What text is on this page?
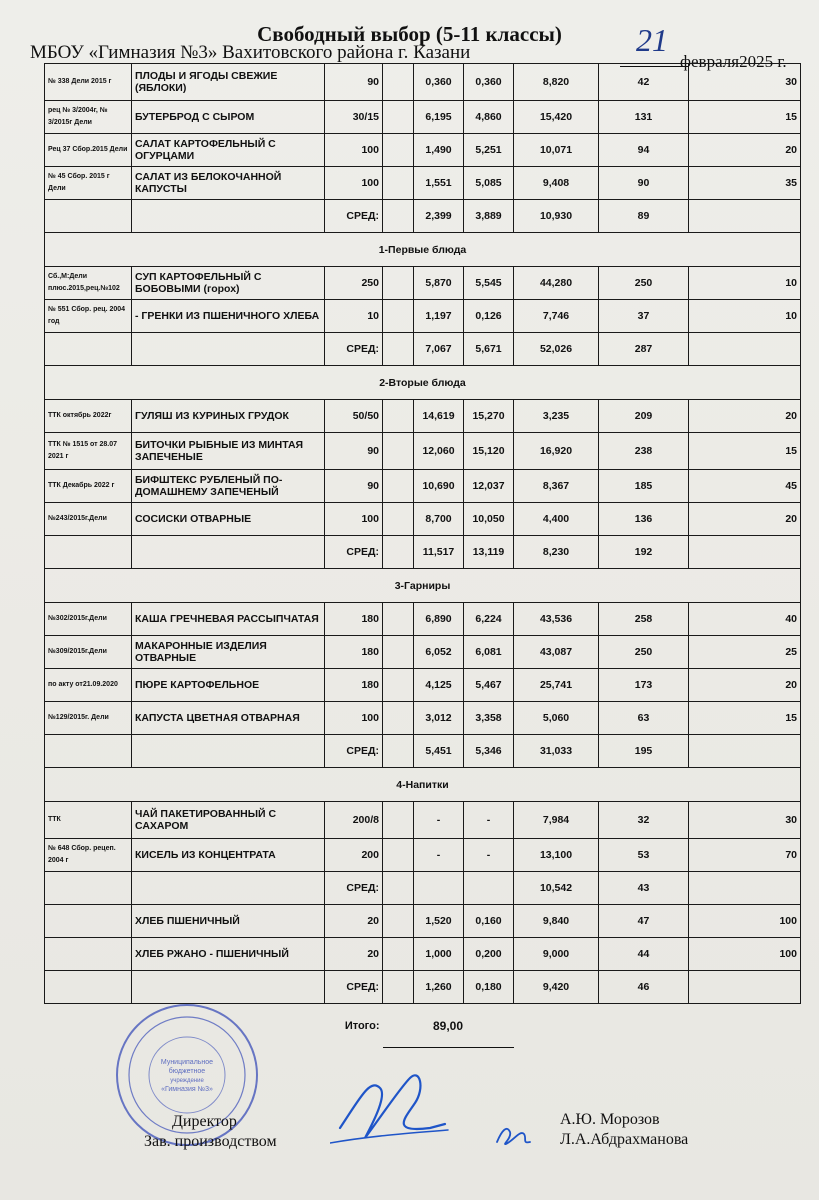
Свободный выбор (5-11 классы)
МБОУ «Гимназия №3» Вахитовского района г. Казани	21
февраля2025 г.
№ 338 Дели 2015 г	ПЛОДЫ И ЯГОДЫ СВЕЖИЕ (ЯБЛОКИ)	90		0,360	0,360	8,820	42	30
рец № 3/2004г, № 3/2015г Дели	БУТЕРБРОД С СЫРОМ	30/15		6,195	4,860	15,420	131	15
Рец 37 Сбор.2015 Дели	САЛАТ КАРТОФЕЛЬНЫЙ С ОГУРЦАМИ	100		1,490	5,251	10,071	94	20
№ 45 Сбор. 2015 г Дели	САЛАТ ИЗ БЕЛОКОЧАННОЙ КАПУСТЫ	100		1,551	5,085	9,408	90	35
		СРЕД:		2,399	3,889	10,930	89	
1-Первые блюда								
Сб.,М:Дели плюс.2015,рец.№102	СУП КАРТОФЕЛЬНЫЙ С БОБОВЫМИ (горох)	250		5,870	5,545	44,280	250	10
№ 551 Сбор. рец. 2004 год	- ГРЕНКИ ИЗ ПШЕНИЧНОГО ХЛЕБА	10		1,197	0,126	7,746	37	10
		СРЕД:		7,067	5,671	52,026	287	
2-Вторые блюда								
ТТК октябрь 2022г	ГУЛЯШ ИЗ КУРИНЫХ ГРУДОК	50/50		14,619	15,270	3,235	209	20
ТТК № 1515 от 28.07 2021 г	БИТОЧКИ РЫБНЫЕ ИЗ МИНТАЯ ЗАПЕЧЕНЫЕ	90		12,060	15,120	16,920	238	15
ТТК Декабрь 2022 г	БИФШТЕКС РУБЛЕНЫЙ ПО-ДОМАШНЕМУ ЗАПЕЧЕНЫЙ	90		10,690	12,037	8,367	185	45
№243/2015г.Дели	СОСИСКИ ОТВАРНЫЕ	100		8,700	10,050	4,400	136	20
		СРЕД:		11,517	13,119	8,230	192	
3-Гарниры								
№302/2015г.Дели	КАША ГРЕЧНЕВАЯ РАССЫПЧАТАЯ	180		6,890	6,224	43,536	258	40
№309/2015г.Дели	МАКАРОННЫЕ ИЗДЕЛИЯ ОТВАРНЫЕ	180		6,052	6,081	43,087	250	25
по акту от21.09.2020	ПЮРЕ КАРТОФЕЛЬНОЕ	180		4,125	5,467	25,741	173	20
№129/2015г. Дели	КАПУСТА ЦВЕТНАЯ ОТВАРНАЯ	100		3,012	3,358	5,060	63	15
		СРЕД:		5,451	5,346	31,033	195	
4-Напитки								
ТТК	ЧАЙ ПАКЕТИРОВАННЫЙ С САХАРОМ	200/8		-	-	7,984	32	30
№ 648 Сбор. рецеп. 2004 г	КИСЕЛЬ ИЗ КОНЦЕНТРАТА	200		-	-	13,100	53	70
		СРЕД:				10,542	43	
	ХЛЕБ ПШЕНИЧНЫЙ	20		1,520	0,160	9,840	47	100
	ХЛЕБ РЖАНО - ПШЕНИЧНЫЙ	20		1,000	0,200	9,000	44	100
		СРЕД:		1,260	0,180	9,420	46	
Итого:			89,00					
Муниципальное
бюджетное
учреждение
«Гимназия №3»
Директор
Зав. производством
А.Ю. Морозов
Л.А.Абдрахманова
